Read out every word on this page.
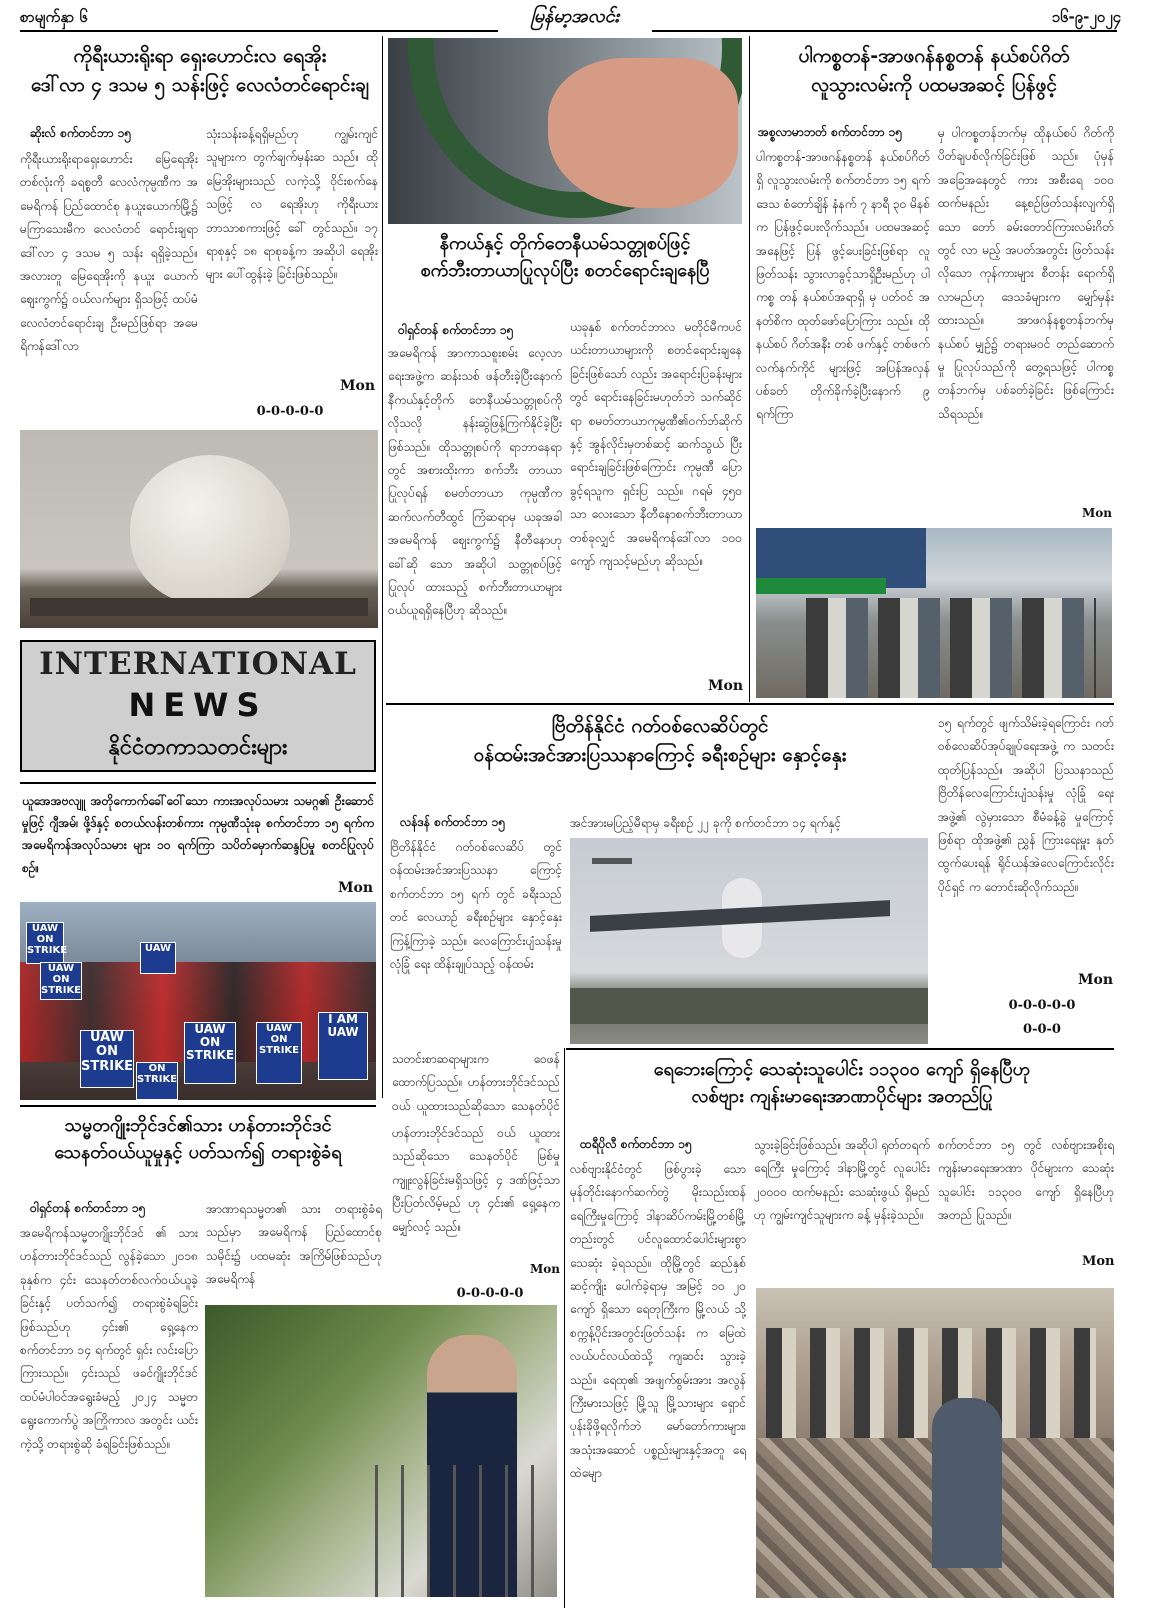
စာမျက်နှာ ၆	မြန်မာ့အလင်း	၁၆-၉-၂၀၂၄
ကိုရီးယားရိုးရာ ရှေးဟောင်းလ ရေအိုး
ဒေါ်လာ ၄ ဒသမ ၅ သန်းဖြင့် လေလံတင်ရောင်းချ
ဆိုးလ် စက်တင်ဘာ ၁၅
ကိုရီးယားရိုးရာရှေးဟောင်း မြေရေအိုးတစ်လုံးကို ခရစ္စတီ လေလံကုမ္ပဏီက အမေရိကန် ပြည်ထောင်စု နယူးယောက်မြို့၌ မကြာသေးမီက လေလံတင် ရောင်းချရာ ဒေါ်လာ ၄ ဒသမ ၅ သန်း ရရှိခဲ့သည်။ အလားတူ မြေရေအိုးကို နယူး ယောက်ဈေးကွက်၌ ဝယ်လက်များ ရှိသဖြင့် ထပ်မံလေလံတင်ရောင်းချ ဦးမည်ဖြစ်ရာ အမေရိကန်ဒေါ်လာ
သုံးသန်းခန့်ရရှိမည်ဟု ကျွမ်းကျင် သူများက တွက်ချက်မှန်းဆ သည်။ ထိုမြေအိုးများသည် လကဲ့သို့ ဝိုင်းစက်နေသဖြင့် လ ရေအိုးဟု ကိုရီးယားဘာသာစကားဖြင့် ခေါ် တွင်သည်။ ၁၇ ရာစုနှင့် ၁၈ ရာစုခန့်က အဆိုပါ ရေအိုးများ ပေါ်ထွန်းခဲ့ ခြင်းဖြစ်သည်။
Mon
0-0-0-0-0
INTERNATIONAL
NEWS
နိုင်ငံတကာသတင်းများ
ယူအေအဗလျူ အတိုကောက်ခေါ်ဝေါ်သော ကားအလုပ်သမား သမဂ္ဂ၏ ဦးဆောင်မှုဖြင့် ဂျီအမ်၊ ဖို့ဒ်နှင့် စတယ်လန်းတစ်ကား ကုမ္ပဏီသုံးခု စက်တင်ဘာ ၁၅ ရက်က အမေရိကန်အလုပ်သမား များ ၁၀ ရက်ကြာ သပိတ်မှောက်ဆန္ဒပြမှု စတင်ပြုလုပ်စဉ်။
Mon
UAW ON STRIKE
UAW ON STRIKE
UAW ON STRIKE
UAW
UAW ON STRIKE
I AM UAW
UAW ON STRIKE
ON STRIKE
သမ္မတဂျိုးဘိုင်ဒင်၏သား ဟန်တားဘိုင်ဒင်
သေနတ်ဝယ်ယူမှုနှင့် ပတ်သက်၍ တရားစွဲခံရ
ဝါရှင်တန် စက်တင်ဘာ ၁၅
အမေရိကန်သမ္မတဂျိုးဘိုင်ဒင် ၏ သား ဟန်တားဘိုင်ဒင်သည် လွန်ခဲ့သော ၂၀၁၈ ခုနှစ်က ၄င်း သေနတ်တစ်လက်ဝယ်ယူခဲ့ခြင်းနှင့် ပတ်သက်၍ တရားစွဲခံရခြင်း ဖြစ်သည်ဟု ၄င်း၏ ရှေ့နေက စက်တင်ဘာ ၁၄ ရက်တွင် ရှင်း လင်းပြောကြားသည်။ ၄င်းသည် ဖခင်ဂျိုးဘိုင်ဒင် ထပ်မံပါဝင်အရွေးခံမည့် ၂၀၂၄ သမ္မတရွေးကောက်ပွဲ အကြိုကာလ အတွင်း ယင်းကဲ့သို့ တရားစွဲဆို ခံရခြင်းဖြစ်သည်။
အာဏာရသမ္မတ၏ သား တရားစွဲခံရသည်မှာ အမေရိကန် ပြည်ထောင်စုသမိုင်း၌ ပထမဆုံး အကြိမ်ဖြစ်သည်ဟု အမေရိကန်
သတင်းစာဆရာများက ဝေဖန် ထောက်ပြသည်။ ဟန်တားဘိုင်ဒင်သည် ဝယ် ယူထားသည်ဆိုသော သေနတ်ပိုင်
ဟန်တားဘိုင်ဒင်သည် ဝယ် ယူထားသည်ဆိုသော သေနတ်ပိုင် မြစ်မှုကျူးလွန်ခြင်းမရှိသဖြင့် ၄ ဒဏ်ဖြင့်သာ ပြီးပြတ်လိမ့်မည် ဟု ၄င်း၏ ရှေ့နေက မျှော်လင့် သည်။
Mon
0-0-0-0-0
နီကယ်နှင့် တိုက်တေနီယမ်သတ္တုစပ်ဖြင့်
စက်ဘီးတာယာပြုလုပ်ပြီး စတင်ရောင်းချနေပြီ
ဝါရှင်တန် စက်တင်ဘာ ၁၅
အမေရိကန် အာကာသစူးစမ်း လေ့လာရေးအဖွဲ့က ဆန်းသစ် ဖန်တီးခဲ့ပြီးနောက် နီကယ်နှင့်တိုက် တေနီယမ်သတ္တုစပ်ကို လိုသလို နန်းဆွဲဖြန့်ကြက်နိုင်ခဲ့ပြီးဖြစ်သည်။ ထိုသတ္တုစပ်ကို ရာဘာနေရာ တွင် အစားထိုးကာ စက်ဘီး တာယာပြုလုပ်ရန် စမတ်တာယာ ကုမ္ပဏီက ဆက်လက်တီထွင် ကြံဆရာမှ ယခုအခါ အမေရိကန် ဈေးကွက်၌ နီတီနောဟု ခေါ်ဆို သော အဆိုပါ သတ္တုစပ်ဖြင့် ပြုလုပ် ထားသည့် စက်ဘီးတာယာများ ဝယ်ယူရရှိနေပြီဟု ဆိုသည်။
ယခုနှစ် စက်တင်ဘာလ မတိုင်မီကပင် ယင်းတာယာများကို စတင်ရောင်းချနေခြင်းဖြစ်သော် လည်း အရောင်းပြခန်းများတွင် ရောင်းနေခြင်းမဟုတ်ဘဲ သက်ဆိုင် ရာ စမတ်တာယာကုမ္ပဏီ၏ဝက်ဘ်ဆိုက် နှင့် အွန်လိုင်းမှတစ်ဆင့် ဆက်သွယ် ပြီး ရောင်းချခြင်းဖြစ်ကြောင်း ကုမ္ပဏီ ပြောခွင့်ရသူက ရှင်းပြ သည်။ ဂရမ် ၄၅၀ သာ လေးသော နီတီနောစက်ဘီးတာယာတစ်ခုလျှင် အမေရိကန်ဒေါ်လာ ၁၀၀ ကျော် ကျသင့်မည်ဟု ဆိုသည်။
Mon
ပါကစ္စတန်-အာဖဂန်နစ္စတန် နယ်စပ်ဂိတ်
လူသွားလမ်းကို ပထမအဆင့် ပြန်ဖွင့်
အစ္စလာမာဘတ် စက်တင်ဘာ ၁၅
ပါကစ္စတန်-အာဖဂန်နစ္စတန် နယ်စပ်ဂိတ်ရှိ လူသွားလမ်းကို စက်တင်ဘာ ၁၅ ရက် ဒေသ စံတော်ချိန် နံနက် ၇ နာရီ ၃၀ မိနစ်က ပြန်ဖွင့်ပေးလိုက်သည်။ ပထမအဆင့်အနေဖြင့် ပြန် ဖွင့်ပေးခြင်းဖြစ်ရာ လူဖြတ်သန်း သွားလာခွင့်သာရှိဦးမည်ဟု ပါကစ္စ တန် နယ်စပ်အရာရှိ မှ ပတ်ဝင် အနတ်စိက ထုတ်ဖော်ပြောကြား သည်။ ထိုနယ်စပ် ဂိတ်အနီး တစ် ဖက်နှင့် တစ်ဖက် လက်နက်ကိုင် များဖြင့် အပြန်အလှန် ပစ်ခတ် တိုက်ခိုက်ခဲ့ပြီးနောက် ၉ ရက်ကြာ
မှ ပါကစ္စတန်ဘက်မှ ထိုနယ်စပ် ဂိတ်ကို ပိတ်ချပစ်လိုက်ခြင်းဖြစ် သည်။ ပုံမှန်အခြေအနေတွင် ကား အစီးရေ ၁၀၀ ထက်မနည်း နေ့စဉ်ဖြတ်သန်းလျက်ရှိသော တော် ခမ်းတောင်ကြားလမ်းဂိတ်တွင် လာ မည့် အပတ်အတွင်း ဖြတ်သန်း လိုသော ကုန်ကားများ စီတန်း ရောက်ရှိလာမည်ဟု ဒေသခံများက မျှော်မှန်းထားသည်။ အာဖဂန်နစ္စတန်ဘက်မှ နယ်စပ် မျှဉ်၌ တရားမဝင် တည်ဆောက်မှု ပြုလုပ်သည်ကို တွေ့ရသဖြင့် ပါကစ္စတန်ဘက်မှ ပစ်ခတ်ခဲ့ခြင်း ဖြစ်ကြောင်း သိရသည်။
Mon
ဗြိတိန်နိုင်ငံ ဂတ်ဝစ်လေဆိပ်တွင်
ဝန်ထမ်းအင်အားပြဿနာကြောင့် ခရီးစဉ်များ နှောင့်နှေး
လန်ဒန် စက်တင်ဘာ ၁၅
ဗြိတိန်နိုင်ငံ ဂတ်ဝစ်လေဆိပ် တွင် ဝန်ထမ်းအင်အားပြဿနာ ကြောင့် စက်တင်ဘာ ၁၅ ရက် တွင် ခရီးသည်တင် လေယာဉ် ခရီးစဉ်များ နှောင့်နှေးကြန့်ကြာခဲ့ သည်။ လေကြောင်းပျံသန်းမှု လုံခြုံ ရေး ထိန်းချုပ်သည့် ဝန်ထမ်း
အင်အားမပြည့်မီရာမှ ခရီးစဉ် ၂၂ ခုကို စက်တင်ဘာ ၁၄ ရက်နှင့်
၁၅ ရက်တွင် ဖျက်သိမ်းခဲ့ရကြောင်း ဂတ်ဝစ်လေဆိပ်အုပ်ချုပ်ရေးအဖွဲ့ က သတင်းထုတ်ပြန်သည်။ အဆိုပါ ပြဿနာသည် ဗြိတိန်လေကြောင်းပျံသန်းမှု လုံခြုံ ရေးအဖွဲ့၏ လွဲမှားသော စီမံခန့်ခွဲ မှုကြောင့်ဖြစ်ရာ ထိုအဖွဲ့၏ ညွှန် ကြားရေးမှူး နုတ်ထွက်ပေးရန် ရိုင်ယန်အဲလေကြောင်းလိုင်းပိုင်ရှင် က တောင်းဆိုလိုက်သည်။
Mon
0-0-0-0-0
0-0-0
ရေဘေးကြောင့် သေဆုံးသူပေါင်း ၁၁၃၀၀ ကျော် ရှိနေပြီဟု
လစ်ဗျား ကျန်းမာရေးအာဏာပိုင်များ အတည်ပြု
ထရီပိုလီ စက်တင်ဘာ ၁၅
လစ်ဗျားနိုင်ငံတွင် ဖြစ်ပွားခဲ့ သော မုန်တိုင်းနောက်ဆက်တွဲ မိုးသည်းထန် ရေကြီးမှုကြောင့် ဒါနာဆိပ်ကမ်းမြို့တစ်မြို့တည်းတွင် ပင်လူထောင်ပေါင်းများစွာ သေဆုံး ခဲ့ရသည်။ ထိုမြို့တွင် ဆည်နှစ်ဆင့်ကျိုး ပေါက်ခဲ့ရာမှ အမြင့် ၁၀ ၂၀ ကျော် ရှိသော ရေတုကြီးက မြို့လယ် သို့ စက္ကန့်ပိုင်းအတွင်းဖြတ်သန်း က မြေထဲလယ်ပင်လယ်ထဲသို့ ကျဆင်း သွားခဲ့သည်။ ရေထု၏ အဖျက်စွမ်းအား အလွန်ကြီးမားသဖြင့် မြို့သူ မြို့သားများ ရှောင်ပုန်းခိုဖို့ရလိုက်ဘဲ မော်တော်ကားများ၊ အသုံးအဆောင် ပစ္စည်းများနှင့်အတူ ရေထဲမျော
သွားခဲ့ခြင်းဖြစ်သည်။ အဆိုပါ ရုတ်တရက် ရေကြီး မှုကြောင့် ဒါနာမြို့တွင် လူပေါင်း ၂၀၀၀၀ ထက်မနည်း သေဆုံးဖွယ် ရှိမည်ဟု ကျွမ်းကျင်သူများက ခန့် မှန်းခဲ့သည်။
စက်တင်ဘာ ၁၅ တွင် လစ်ဗျားအစိုးရ ကျန်းမာရေးအာဏာ ပိုင်များက သေဆုံးသူပေါင်း ၁၁၃၀၀ ကျော် ရှိနေပြီဟု အတည် ပြုသည်။
Mon
